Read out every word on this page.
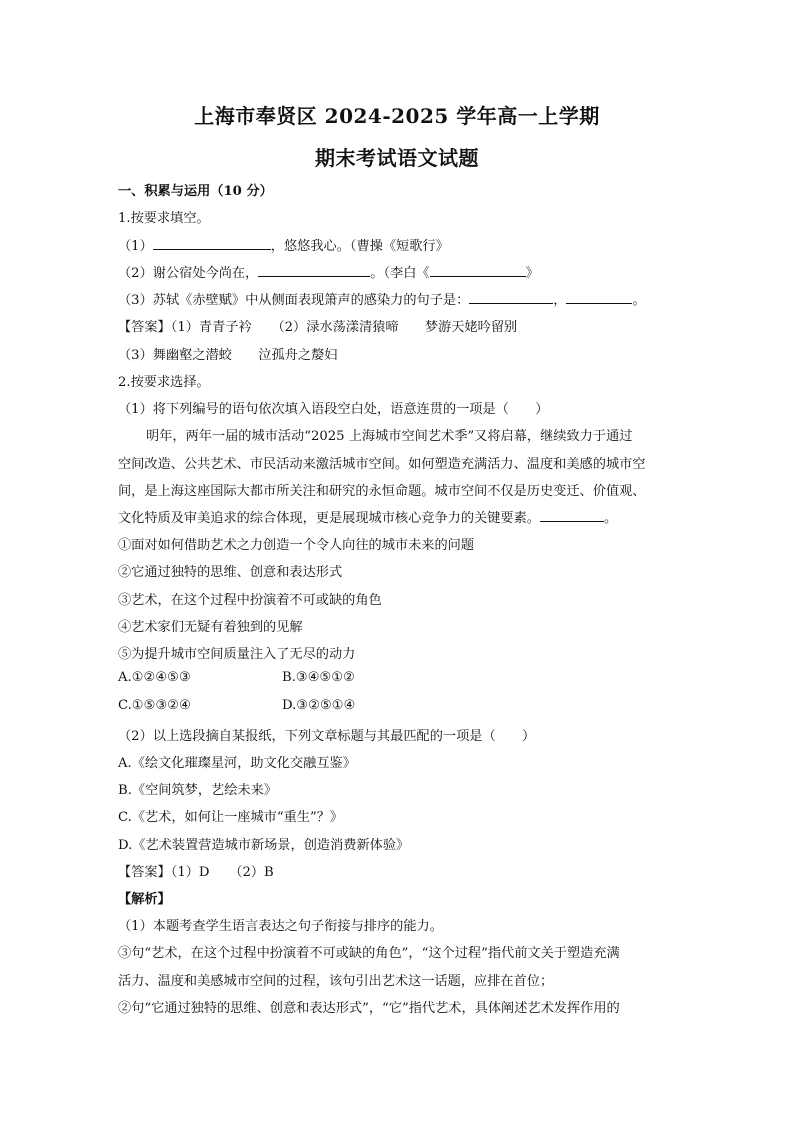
上海市奉贤区 2024-2025 学年高一上学期
期末考试语文试题
一、积累与运用（10 分）
1.按要求填空。
（1）	，悠悠我心。（曹操《短歌行》
（2）谢公宿处今尚在，	。（李白《	》
（3）苏轼《赤壁赋》中从侧面表现箫声的感染力的句子是：	，	。
【答案】（1）青青子衿　　（2）渌水荡漾清猿啼　　梦游天姥吟留别
（3）舞幽壑之潜蛟　　泣孤舟之嫠妇
2.按要求选择。
（1）将下列编号的语句依次填入语段空白处，语意连贯的一项是（　　）
明年，两年一届的城市活动“2025 上海城市空间艺术季”又将启幕，继续致力于通过
空间改造、公共艺术、市民活动来激活城市空间。如何塑造充满活力、温度和美感的城市空
间，是上海这座国际大都市所关注和研究的永恒命题。城市空间不仅是历史变迁、价值观、
文化特质及审美追求的综合体现，更是展现城市核心竞争力的关键要素。	。
①面对如何借助艺术之力创造一个令人向往的城市未来的问题
②它通过独特的思维、创意和表达形式
③艺术，在这个过程中扮演着不可或缺的角色
④艺术家们无疑有着独到的见解
⑤为提升城市空间质量注入了无尽的动力
A.①②④⑤③	B.③④⑤①②
C.①⑤③②④	D.③②⑤①④
（2）以上选段摘自某报纸，下列文章标题与其最匹配的一项是（　　）
A.《绘文化璀璨星河，助文化交融互鉴》
B.《空间筑梦，艺绘未来》
C.《艺术，如何让一座城市“重生”？》
D.《艺术装置营造城市新场景，创造消费新体验》
【答案】（1）D　　（2）B
【解析】
（1）本题考查学生语言表达之句子衔接与排序的能力。
③句“艺术，在这个过程中扮演着不可或缺的角色”，“这个过程”指代前文关于塑造充满
活力、温度和美感城市空间的过程，该句引出艺术这一话题，应排在首位；
②句“它通过独特的思维、创意和表达形式”，“它”指代艺术，具体阐述艺术发挥作用的
